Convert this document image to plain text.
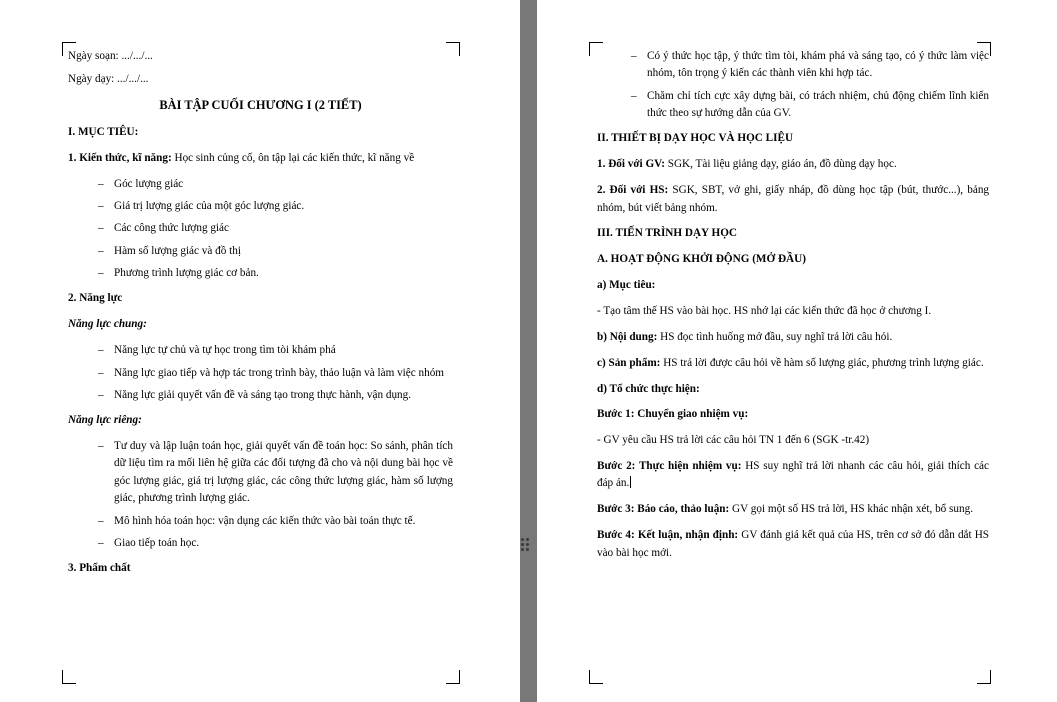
Ngày soạn: .../.../...

Ngày dạy: .../.../...

BÀI TẬP CUỐI CHƯƠNG I (2 TIẾT)

I. MỤC TIÊU:

1. Kiến thức, kĩ năng: Học sinh củng cố, ôn tập lại các kiến thức, kĩ năng về

– Góc lượng giác
– Giá trị lượng giác của một góc lượng giác.
– Các công thức lượng giác
– Hàm số lượng giác và đồ thị
– Phương trình lượng giác cơ bản.

2. Năng lực

Năng lực chung:

– Năng lực tự chủ và tự học trong tìm tòi khám phá
– Năng lực giao tiếp và hợp tác trong trình bày, thảo luận và làm việc nhóm
– Năng lực giải quyết vấn đề và sáng tạo trong thực hành, vận dụng.

Năng lực riêng:

– Tư duy và lập luận toán học, giải quyết vấn đề toán học: So sánh, phân tích dữ liệu tìm ra mối liên hệ giữa các đối tượng đã cho và nội dung bài học về góc lượng giác, giá trị lượng giác, các công thức lượng giác, hàm số lượng giác, phương trình lượng giác.
– Mô hình hóa toán học: vận dụng các kiến thức vào bài toán thực tế.
– Giao tiếp toán học.

3. Phẩm chất

– Có ý thức học tập, ý thức tìm tòi, khám phá và sáng tạo, có ý thức làm việc nhóm, tôn trọng ý kiến các thành viên khi hợp tác.
– Chăm chỉ tích cực xây dựng bài, có trách nhiệm, chủ động chiếm lĩnh kiến thức theo sự hướng dẫn của GV.

II. THIẾT BỊ DẠY HỌC VÀ HỌC LIỆU

1. Đối với GV: SGK, Tài liệu giảng dạy, giáo án, đồ dùng dạy học.

2. Đối với HS: SGK, SBT, vở ghi, giấy nháp, đồ dùng học tập (bút, thước...), bảng nhóm, bút viết bảng nhóm.

III. TIẾN TRÌNH DẠY HỌC

A. HOẠT ĐỘNG KHỞI ĐỘNG (MỞ ĐẦU)

a) Mục tiêu:

- Tạo tâm thế HS vào bài học. HS nhớ lại các kiến thức đã học ở chương I.

b) Nội dung: HS đọc tình huống mở đầu, suy nghĩ trả lời câu hỏi.

c) Sản phẩm: HS trả lời được câu hỏi về hàm số lượng giác, phương trình lượng giác.

d) Tổ chức thực hiện:

Bước 1: Chuyển giao nhiệm vụ:

- GV yêu cầu HS trả lời các câu hỏi TN 1 đến 6 (SGK -tr.42)

Bước 2: Thực hiện nhiệm vụ: HS suy nghĩ trả lời nhanh các câu hỏi, giải thích các đáp án.

Bước 3: Báo cáo, thảo luận: GV gọi một số HS trả lời, HS khác nhận xét, bổ sung.

Bước 4: Kết luận, nhận định: GV đánh giá kết quả của HS, trên cơ sở đó dẫn dắt HS vào bài học mới.
